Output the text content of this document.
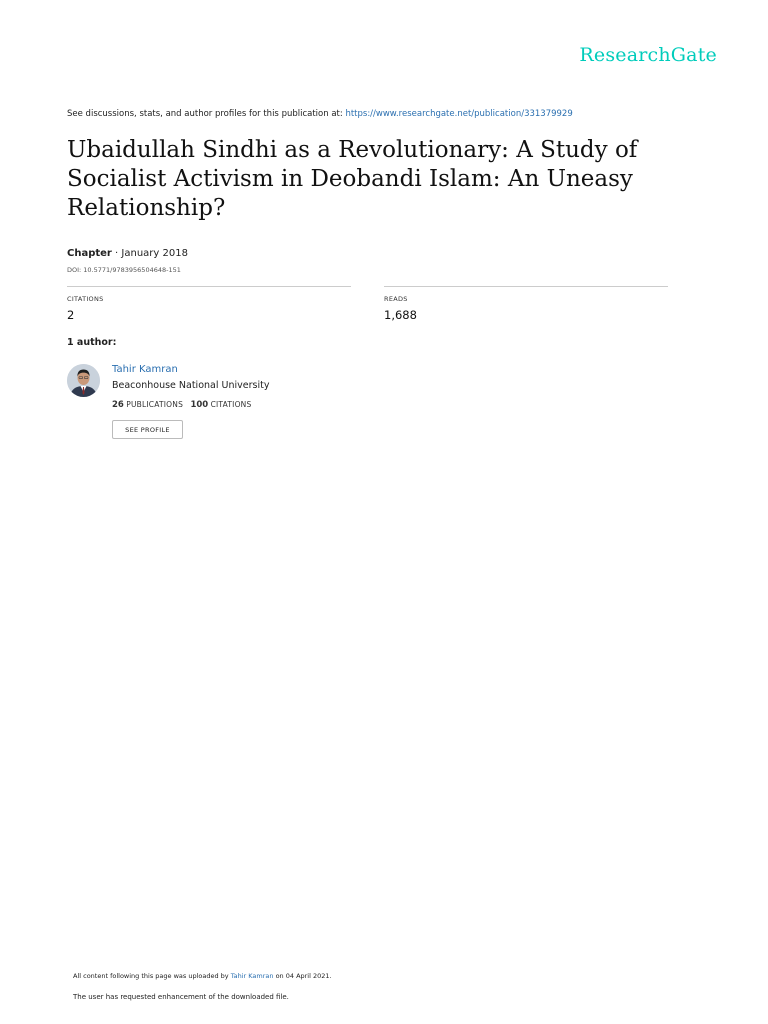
ResearchGate
See discussions, stats, and author profiles for this publication at: https://www.researchgate.net/publication/331379929
Ubaidullah Sindhi as a Revolutionary: A Study of Socialist Activism in Deobandi Islam: An Uneasy Relationship?
Chapter · January 2018
DOI: 10.5771/9783956504648-151
CITATIONS
2
READS
1,688
1 author:
Tahir Kamran
Beaconhouse National University
26 PUBLICATIONS 100 CITATIONS
SEE PROFILE
All content following this page was uploaded by Tahir Kamran on 04 April 2021.
The user has requested enhancement of the downloaded file.
